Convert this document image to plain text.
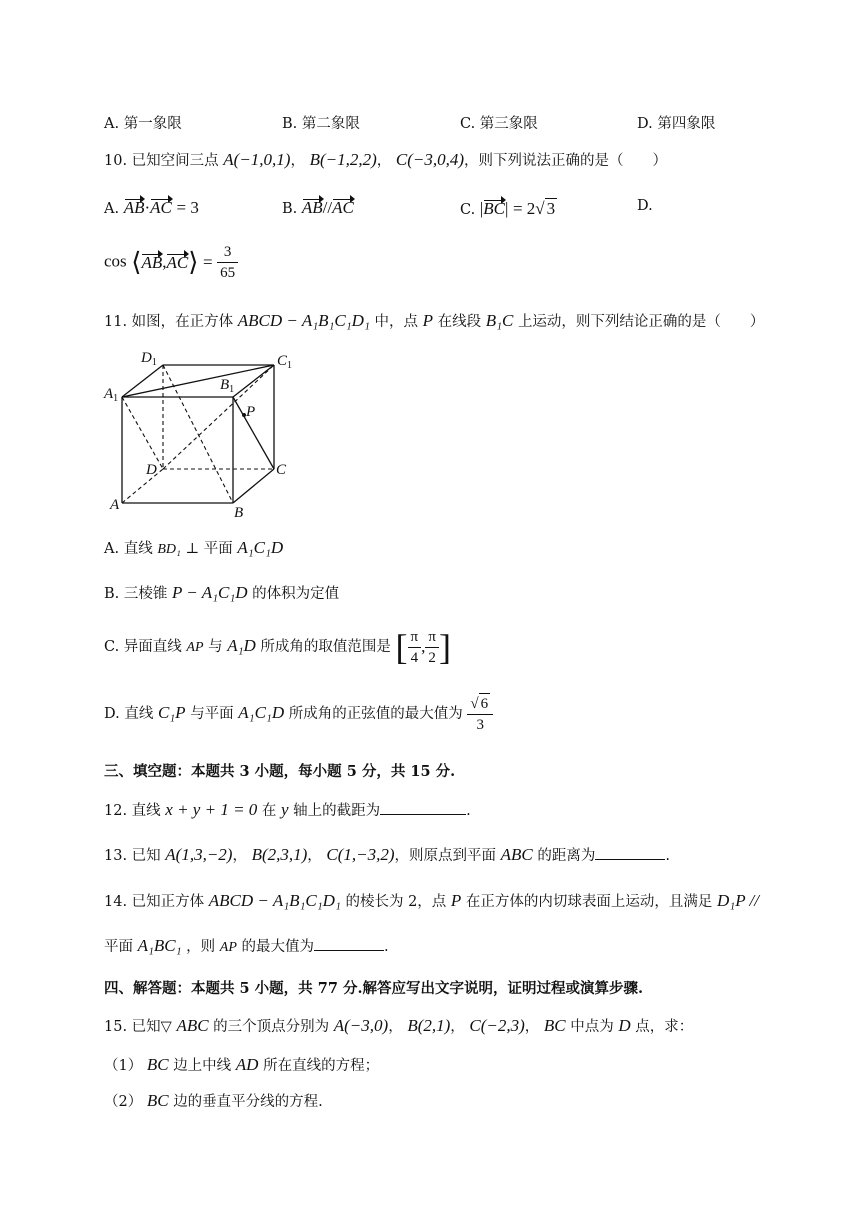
A. 第一象限	B. 第二象限	C. 第三象限	D. 第四象限
10. 已知空间三点 A(−1,0,1)， B(−1,2,2)， C(−3,0,4)，则下列说法正确的是（　　）
A. AB·AC = 3	B. AB//AC	C. |BC| = 2√ 3	D.
cos ⟨AB,AC⟩ = $\frac{3}{65}$
11. 如图，在正方体 ABCD − A₁B₁C₁D₁ 中，点 P 在线段 B₁C 上运动，则下列结论正确的是（　　）
$D_1$	$C_1$
$B_1$
$A_1$
P
D	C
A	B
A. 直线 BD₁ ⊥ 平面 A₁C₁D
B. 三棱锥 P − A₁C₁D 的体积为定值
C. 异面直线 AP 与 A₁D 所成角的取值范围是 [ $\frac{\pi}{4}$ , $\frac{\pi}{2}$ ]
D. 直线 C₁P 与平面 A₁C₁D 所成角的正弦值的最大值为 $\frac{√ 6}{3}$
三、填空题：本题共 3 小题，每小题 5 分，共 15 分.
12. 直线 x + y + 1 = 0 在 y 轴上的截距为	.
13. 已知 A(1,3,−2)， B(2,3,1)， C(1,−3,2)，则原点到平面 ABC 的距离为	.
14. 已知正方体 ABCD − A₁B₁C₁D₁ 的棱长为 2，点 P 在正方体的内切球表面上运动，且满足 D₁P //
平面 A₁BC₁ ，则 AP 的最大值为	.
四、解答题：本题共 5 小题，共 77 分.解答应写出文字说明，证明过程或演算步骤.
15. 已知▽ ABC 的三个顶点分别为 A(−3,0)， B(2,1)， C(−2,3)， BC 中点为 D 点，求：
（1） BC 边上中线 AD 所在直线的方程；
（2） BC 边的垂直平分线的方程.
